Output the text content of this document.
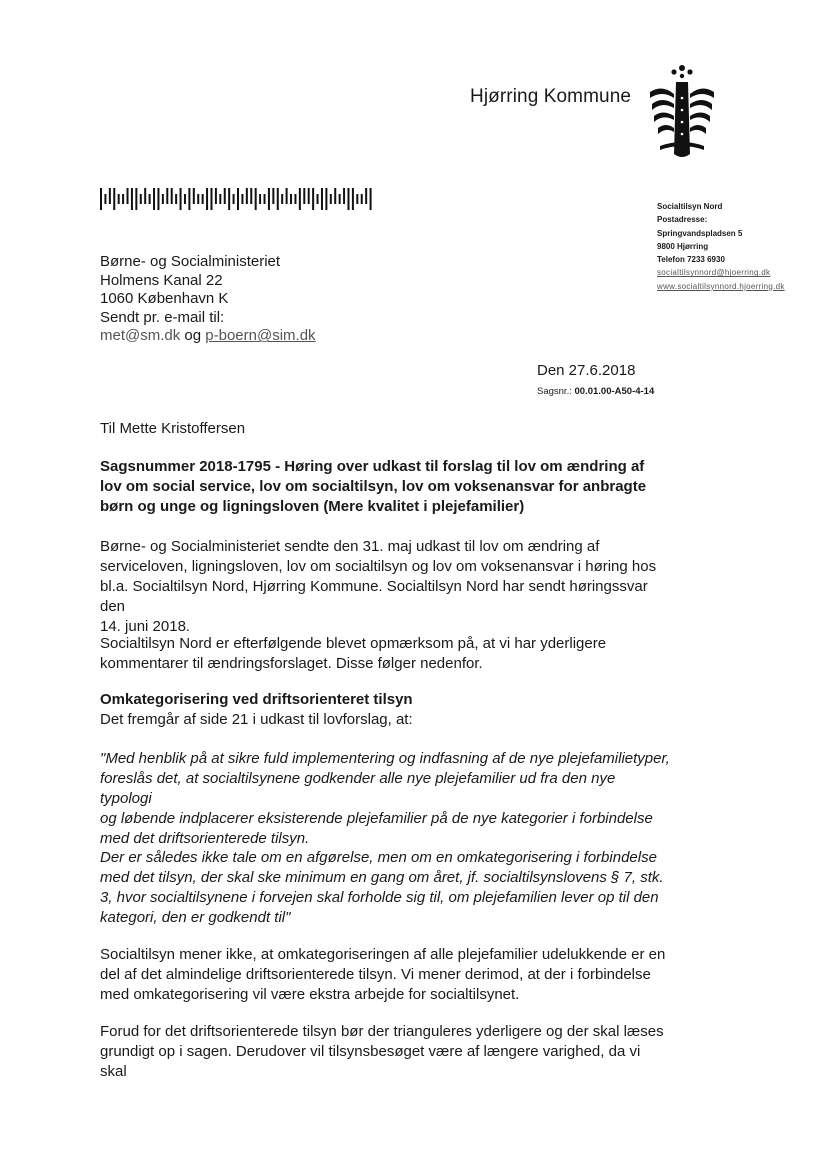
Hjørring Kommune
Socialtilsyn Nord
Postadresse:
Springvandspladsen 5
9800 Hjørring
Telefon 7233 6930
socialtilsynnord@hjoerring.dk
www.socialtilsynnord.hjoerring.dk
Børne- og Socialministeriet
Holmens Kanal 22
1060 København K
Sendt pr. e-mail til:
met@sm.dk og p-boern@sim.dk
Den 27.6.2018
Sagsnr.: 00.01.00-A50-4-14
Til Mette Kristoffersen
Sagsnummer 2018-1795 - Høring over udkast til forslag til lov om ændring af
lov om social service, lov om socialtilsyn, lov om voksenansvar for anbragte
børn og unge og ligningsloven (Mere kvalitet i plejefamilier)
Børne- og Socialministeriet sendte den 31. maj udkast til lov om ændring af
serviceloven, ligningsloven, lov om socialtilsyn og lov om voksenansvar i høring hos
bl.a. Socialtilsyn Nord, Hjørring Kommune. Socialtilsyn Nord har sendt høringssvar den
14. juni 2018.
Socialtilsyn Nord er efterfølgende blevet opmærksom på, at vi har yderligere
kommentarer til ændringsforslaget. Disse følger nedenfor.
Omkategorisering ved driftsorienteret tilsyn
Det fremgår af side 21 i udkast til lovforslag, at:
"Med henblik på at sikre fuld implementering og indfasning af de nye plejefamilietyper,
foreslås det, at socialtilsynene godkender alle nye plejefamilier ud fra den nye typologi
og løbende indplacerer eksisterende plejefamilier på de nye kategorier i forbindelse
med det driftsorienterede tilsyn.
Der er således ikke tale om en afgørelse, men om en omkategorisering i forbindelse
med det tilsyn, der skal ske minimum en gang om året, jf. socialtilsynslovens § 7, stk.
3, hvor socialtilsynene i forvejen skal forholde sig til, om plejefamilien lever op til den
kategori, den er godkendt til"
Socialtilsyn mener ikke, at omkategoriseringen af alle plejefamilier udelukkende er en
del af det almindelige driftsorienterede tilsyn. Vi mener derimod, at der i forbindelse
med omkategorisering vil være ekstra arbejde for socialtilsynet.
Forud for det driftsorienterede tilsyn bør der trianguleres yderligere og der skal læses
grundigt op i sagen. Derudover vil tilsynsbesøget være af længere varighed, da vi skal
